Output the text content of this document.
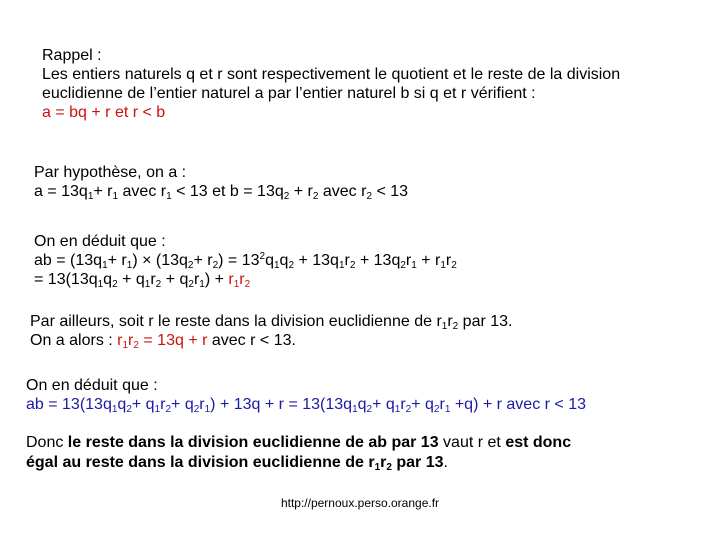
Rappel :
Les entiers naturels q et r sont respectivement le quotient et le reste de la division
euclidienne de l’entier naturel a par l’entier naturel b si q et r vérifient :
a = bq + r et r < b
Par hypothèse, on a :
$a = 13q_1+ r_1$ avec $r_1 < 13$ et $b = 13q_2 + r_2$ avec $r_2 < 13$
On en déduit que :
ab = $(13q_1+ r_1) \times (13q_2+ r_2) = 13^2q_1q_2 + 13q_1r_2 + 13q_2r_1 + r_1r_2$
= $13(13q_1q_2 + q_1r_2 + q_2r_1) + r_1r_2$
Par ailleurs, soit r le reste dans la division euclidienne de $r_1r_2$ par 13.
On a alors : $r_1r_2 = 13q + r$ avec r < 13.
On en déduit que :
ab = $13(13q_1q_2+ q_1r_2+ q_2r_1) + 13q + r = 13(13q_1q_2+ q_1r_2+ q_2r_1 +q) + r$ avec r < 13
Donc le reste dans la division euclidienne de ab par 13 vaut r et est donc
égal au reste dans la division euclidienne de $r_1r_2$ par 13.
http://pernoux.perso.orange.fr
